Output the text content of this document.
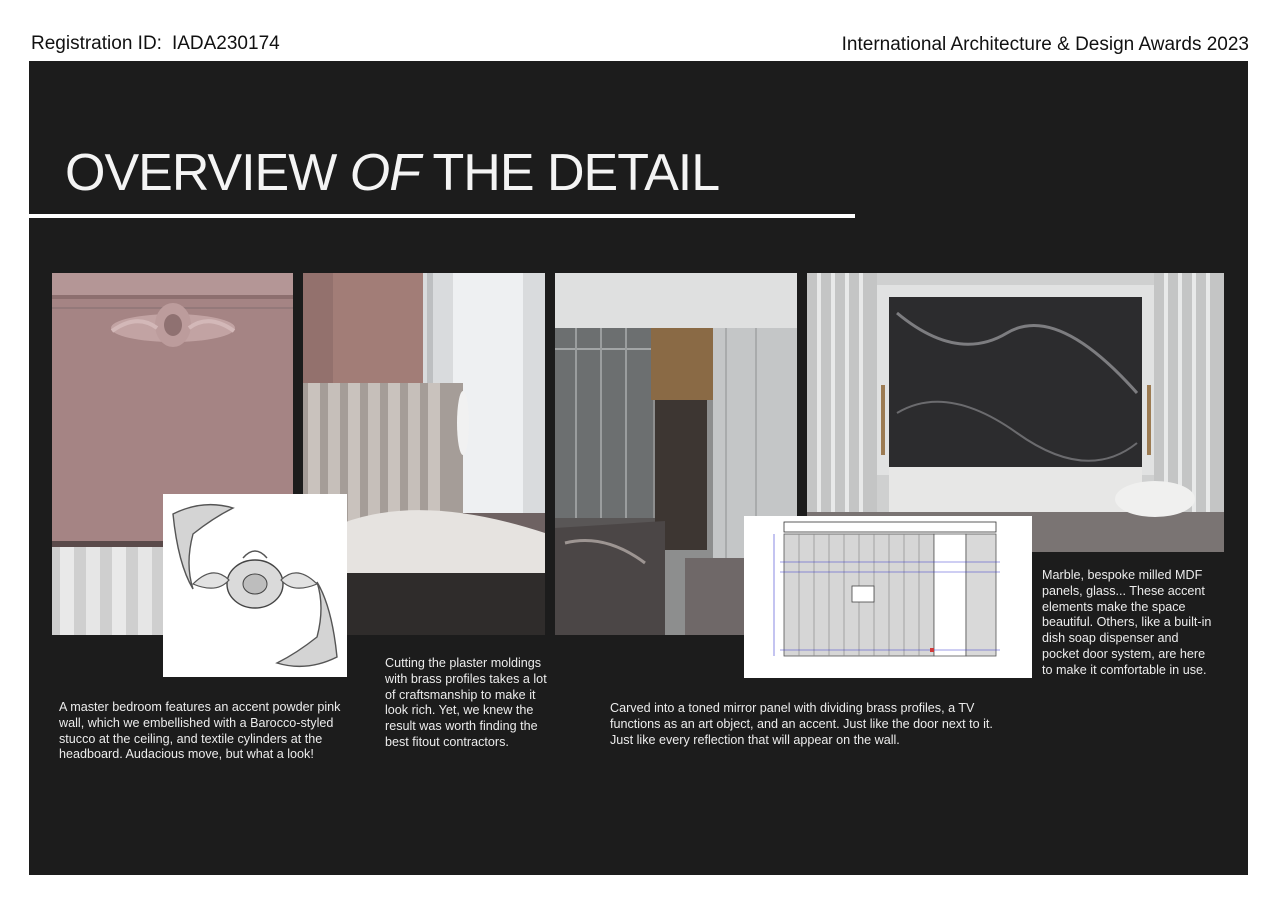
Registration ID: IADA230174	International Architecture & Design Awards 2023
OVERVIEW OF THE DETAIL
A master bedroom features an accent powder pink wall, which we embellished with a Barocco-styled stucco at the ceiling, and textile cylinders at the headboard. Audacious move, but what a look!
Cutting the plaster moldings with brass profiles takes a lot of craftsmanship to make it look rich. Yet, we knew the result was worth finding the best fitout contractors.
Carved into a toned mirror panel with dividing brass profiles, a TV functions as an art object, and an accent. Just like the door next to it. Just like every reflection that will appear on the wall.
Marble, bespoke milled MDF panels, glass... These accent elements make the space beautiful. Others, like a built-in dish soap dispenser and pocket door system, are here to make it comfortable in use.
